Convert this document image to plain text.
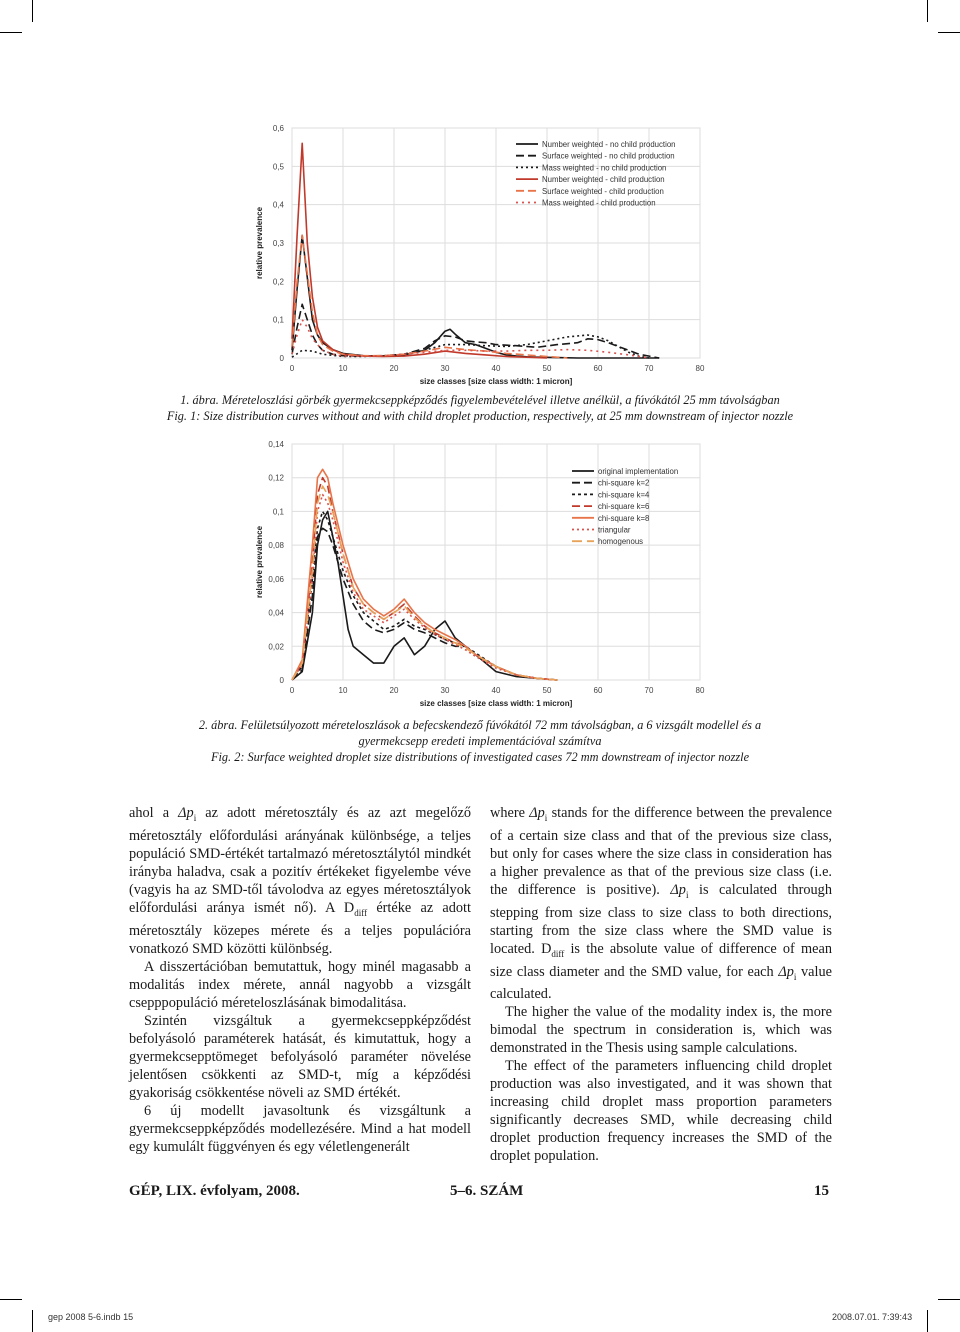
0
0,1
0,2
0,3
0,4
0,5
0,6
0	10	20	30	40	50	60	70	80
Number weighted - no child production
Surface weighted - no child production
Mass weighted - no child production
Number weighted - child production
Surface weighted - child production
Mass weighted - child production
size classes [size class width: 1 micron]
relative prevalence
1. ábra. Méreteloszlási görbék gyermekcseppképződés figyelembevételével illetve anélkül, a fúvókától 25 mm távolságban
Fig. 1: Size distribution curves without and with child droplet production, respectively, at 25 mm downstream of injector nozzle
0
0,02
0,04
0,06
0,08
0,1
0,12
0,14
0	10	20	30	40	50	60	70	80
original implementation
chi-square k=2
chi-square k=4
chi-square k=6
chi-square k=8
triangular
homogenous
size classes [size class width: 1 micron]
relative prevalence
2. ábra. Felületsúlyozott méreteloszlások a befecskendező fúvókától 72 mm távolságban, a 6 vizsgált modellel és a
gyermekcsepp eredeti implementációval számítva
Fig. 2: Surface weighted droplet size distributions of investigated cases 72 mm downstream of injector nozzle

ahol a $\Delta p_i$ az adott méretosztály és az azt megelőző méretosztály előfordulási arányának különbsége, a teljes populáció SMD-értékét tartalmazó méretosztálytól mindkét irányba haladva, csak a pozitív értékeket figyelembe véve (vagyis ha az SMD-től távolodva az egyes méretosztályok előfordulási aránya ismét nő). A $D_{diff}$ értéke az adott méretosztály közepes mérete és a teljes populációra vonatkozó SMD közötti különbség.

A disszertációban bemutattuk, hogy minél magasabb a modalitás index mérete, annál nagyobb a vizsgált csepppopuláció méreteloszlásának bimodalitása.

Szintén vizsgáltuk a gyermekcseppképződést befolyásoló paraméterek hatását, és kimutattuk, hogy a gyermekcsepptömeget befolyásoló paraméter növelése jelentősen csökkenti az SMD-t, míg a képződési gyakoriság csökkentése növeli az SMD értékét.

6 új modellt javasoltunk és vizsgáltunk a gyermekcseppképződés modellezésére. Mind a hat modell egy kumulált függvényen és egy véletlengenerált

where $\Delta p_i$ stands for the difference between the prevalence of a certain size class and that of the previous size class, but only for cases where the size class in consideration has a higher prevalence as that of the previous size class (i.e. the difference is positive). $\Delta p_i$ is calculated through stepping from size class to size class to both directions, starting from the size class where the SMD value is located. $D_{diff}$ is the absolute value of difference of mean size class diameter and the SMD value, for each $\Delta p_i$ value calculated.

The higher the value of the modality index is, the more bimodal the spectrum in consideration is, which was demonstrated in the Thesis using sample calculations.

The effect of the parameters influencing child droplet production was also investigated, and it was shown that increasing child droplet mass proportion parameters significantly decreases SMD, while decreasing child droplet production frequency increases the SMD of the droplet population.

GÉP, LIX. évfolyam, 2008.	5–6. SZÁM	15
gep 2008 5-6.indb 15	2008.07.01. 7:39:43
